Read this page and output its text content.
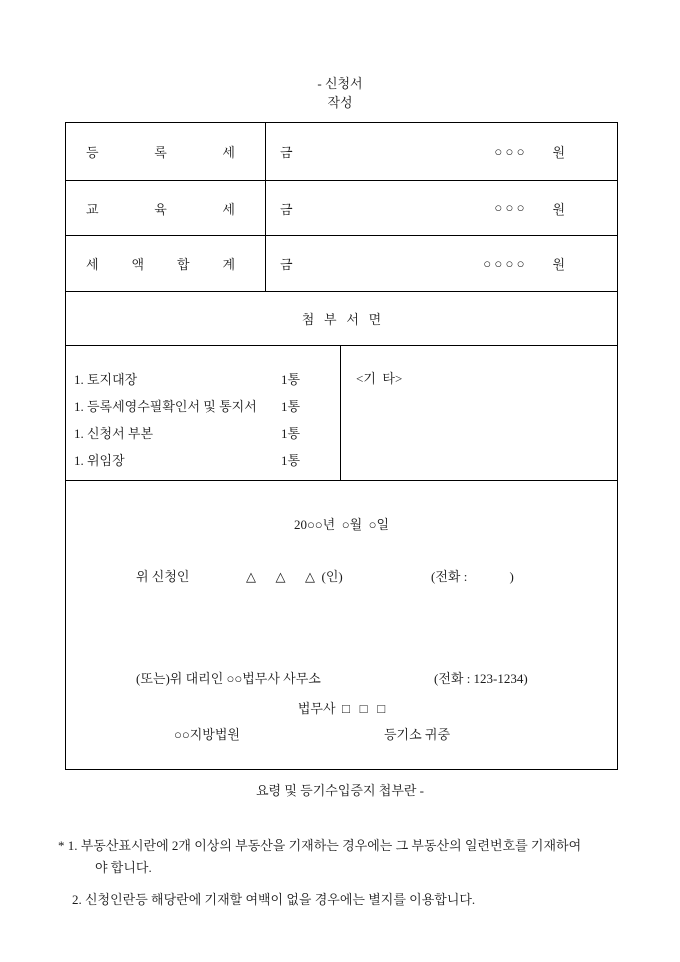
- 신청서
작성
등 록 세	금	○ ○ ○ 원
교 육 세	금	○ ○ ○ 원
세 액 합 계	금	○ ○ ○ ○ 원
첨   부   서   면
1. 토지대장	1통
1. 등록세영수필확인서 및 통지서 1통
1. 신청서 부본	1통
1. 위임장	1통
<기  타>
20○○년  ○월  ○일
위 신청인	△      △      △  (인)	(전화 :             )
(또는)위 대리인 ○○법무사 사무소	(전화 : 123-1234)
법무사  □   □   □
○○지방법원	등기소 귀중
요령 및 등기수입증지 첩부란 -
* 1. 부동산표시란에 2개 이상의 부동산을 기재하는 경우에는 그 부동산의 일련번호를 기재하여
야 합니다.
2. 신청인란등 해당란에 기재할 여백이 없을 경우에는 별지를 이용합니다.
